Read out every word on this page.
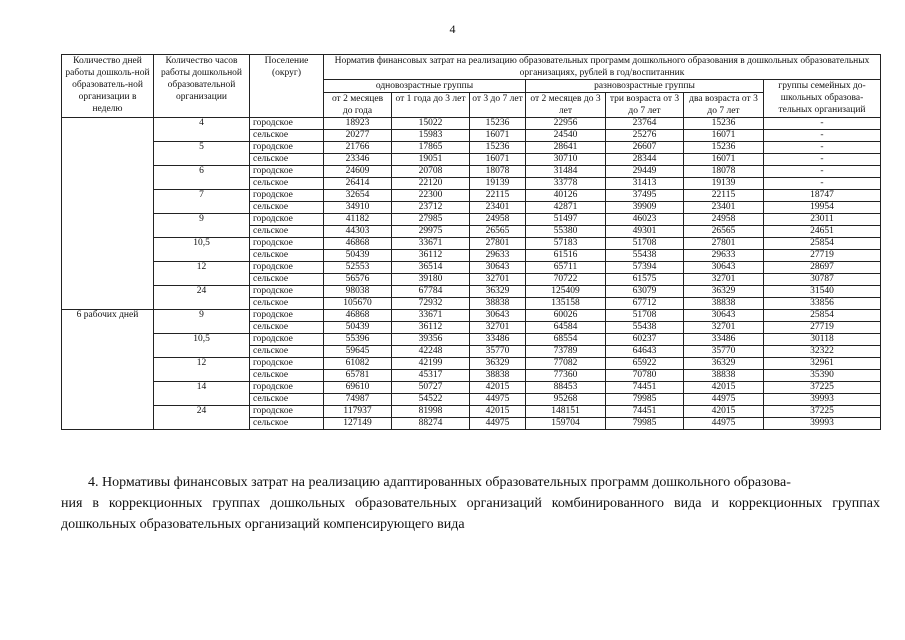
4
Количество дней работы дошколь-ной образователь-ной организации в неделю	Количество часов работы дошкольной образовательной организации	Поселение (округ)	Норматив финансовых затрат на реализацию образовательных программ дошкольного образования в дошкольных образовательных организациях, рублей в год/воспитанник						
			одновозрастные группы			разновозрастные группы			группы семейных до-школьных образова-тельных организаций
			от 2 месяцев до года	от 1 года до 3 лет	от 3 до 7 лет	от 2 месяцев до 3 лет	три возраста от 3 до 7 лет	два возраста от 3 до 7 лет	
	4	городское	18923	15022	15236	22956	23764	15236	-
		сельское	20277	15983	16071	24540	25276	16071	-
	5	городское	21766	17865	15236	28641	26607	15236	-
		сельское	23346	19051	16071	30710	28344	16071	-
	6	городское	24609	20708	18078	31484	29449	18078	-
		сельское	26414	22120	19139	33778	31413	19139	-
	7	городское	32654	22300	22115	40126	37495	22115	18747
		сельское	34910	23712	23401	42871	39909	23401	19954
	9	городское	41182	27985	24958	51497	46023	24958	23011
		сельское	44303	29975	26565	55380	49301	26565	24651
	10,5	городское	46868	33671	27801	57183	51708	27801	25854
		сельское	50439	36112	29633	61516	55438	29633	27719
	12	городское	52553	36514	30643	65711	57394	30643	28697
		сельское	56576	39180	32701	70722	61575	32701	30787
	24	городское	98038	67784	36329	125409	63079	36329	31540
		сельское	105670	72932	38838	135158	67712	38838	33856
6 рабочих дней	9	городское	46868	33671	30643	60026	51708	30643	25854
		сельское	50439	36112	32701	64584	55438	32701	27719
	10,5	городское	55396	39356	33486	68554	60237	33486	30118
		сельское	59645	42248	35770	73789	64643	35770	32322
	12	городское	61082	42199	36329	77082	65922	36329	32961
		сельское	65781	45317	38838	77360	70780	38838	35390
	14	городское	69610	50727	42015	88453	74451	42015	37225
		сельское	74987	54522	44975	95268	79985	44975	39993
	24	городское	117937	81998	42015	148151	74451	42015	37225
		сельское	127149	88274	44975	159704	79985	44975	39993
4. Нормативы финансовых затрат на реализацию адаптированных образовательных программ дошкольного образова-
ния в коррекционных группах дошкольных образовательных организаций комбинированного вида и коррекционных группах дошкольных образовательных организаций компенсирующего вида
